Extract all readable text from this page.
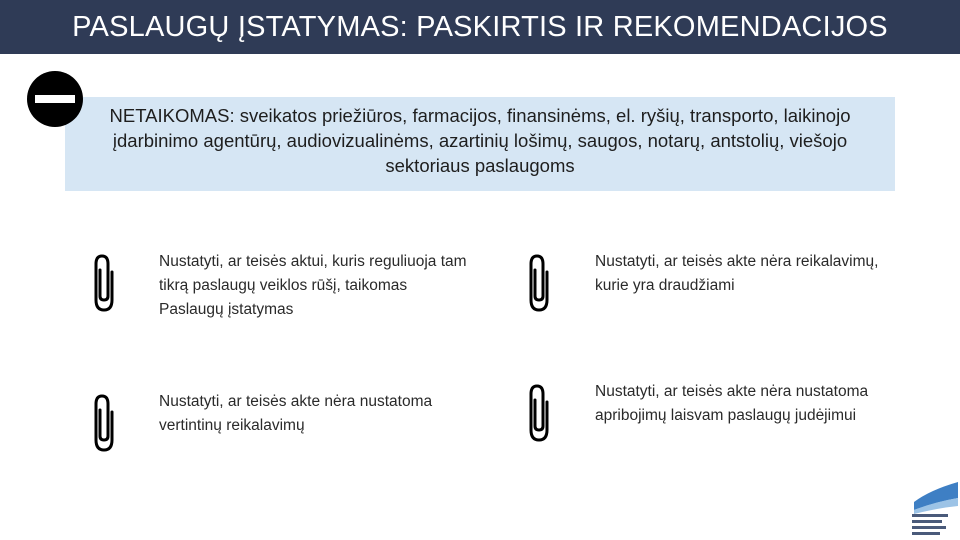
PASLAUGŲ ĮSTATYMAS: PASKIRTIS IR REKOMENDACIJOS
NETAIKOMAS: sveikatos priežiūros, farmacijos, finansinėms, el. ryšių, transporto, laikinojo įdarbinimo agentūrų, audiovizualinėms, azartinių lošimų, saugos, notarų, antstolių, viešojo sektoriaus paslaugoms
Nustatyti, ar teisės aktui, kuris reguliuoja tam tikrą paslaugų veiklos rūšį, taikomas Paslaugų įstatymas
Nustatyti, ar teisės akte nėra reikalavimų, kurie yra draudžiami
Nustatyti, ar teisės akte nėra nustatoma vertintinų reikalavimų
Nustatyti, ar teisės akte nėra nustatoma apribojimų laisvam paslaugų judėjimui
